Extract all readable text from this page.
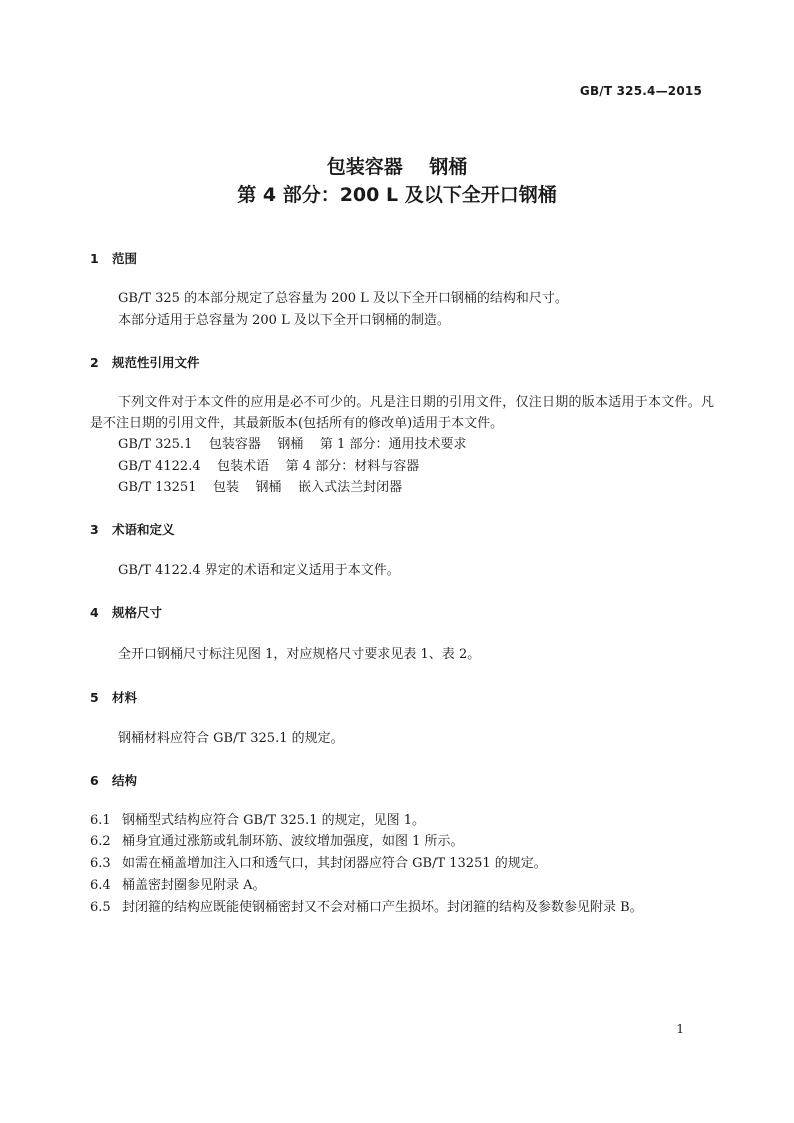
GB/T 325.4—2015
包装容器    钢桶
第 4 部分：200 L 及以下全开口钢桶
1 范围
GB/T 325 的本部分规定了总容量为 200 L 及以下全开口钢桶的结构和尺寸。
本部分适用于总容量为 200 L 及以下全开口钢桶的制造。
2 规范性引用文件
下列文件对于本文件的应用是必不可少的。凡是注日期的引用文件，仅注日期的版本适用于本文件。凡是不注日期的引用文件，其最新版本(包括所有的修改单)适用于本文件。
GB/T 325.1    包装容器    钢桶    第 1 部分：通用技术要求
GB/T 4122.4    包装术语    第 4 部分：材料与容器
GB/T 13251    包装    钢桶    嵌入式法兰封闭器
3 术语和定义
GB/T 4122.4 界定的术语和定义适用于本文件。
4 规格尺寸
全开口钢桶尺寸标注见图 1，对应规格尺寸要求见表 1、表 2。
5 材料
钢桶材料应符合 GB/T 325.1 的规定。
6 结构
6.1 钢桶型式结构应符合 GB/T 325.1 的规定，见图 1。
6.2 桶身宜通过涨筋或轧制环筋、波纹增加强度，如图 1 所示。
6.3 如需在桶盖增加注入口和透气口，其封闭器应符合 GB/T 13251 的规定。
6.4 桶盖密封圈参见附录 A。
6.5 封闭箍的结构应既能使钢桶密封又不会对桶口产生损坏。封闭箍的结构及参数参见附录 B。
1
